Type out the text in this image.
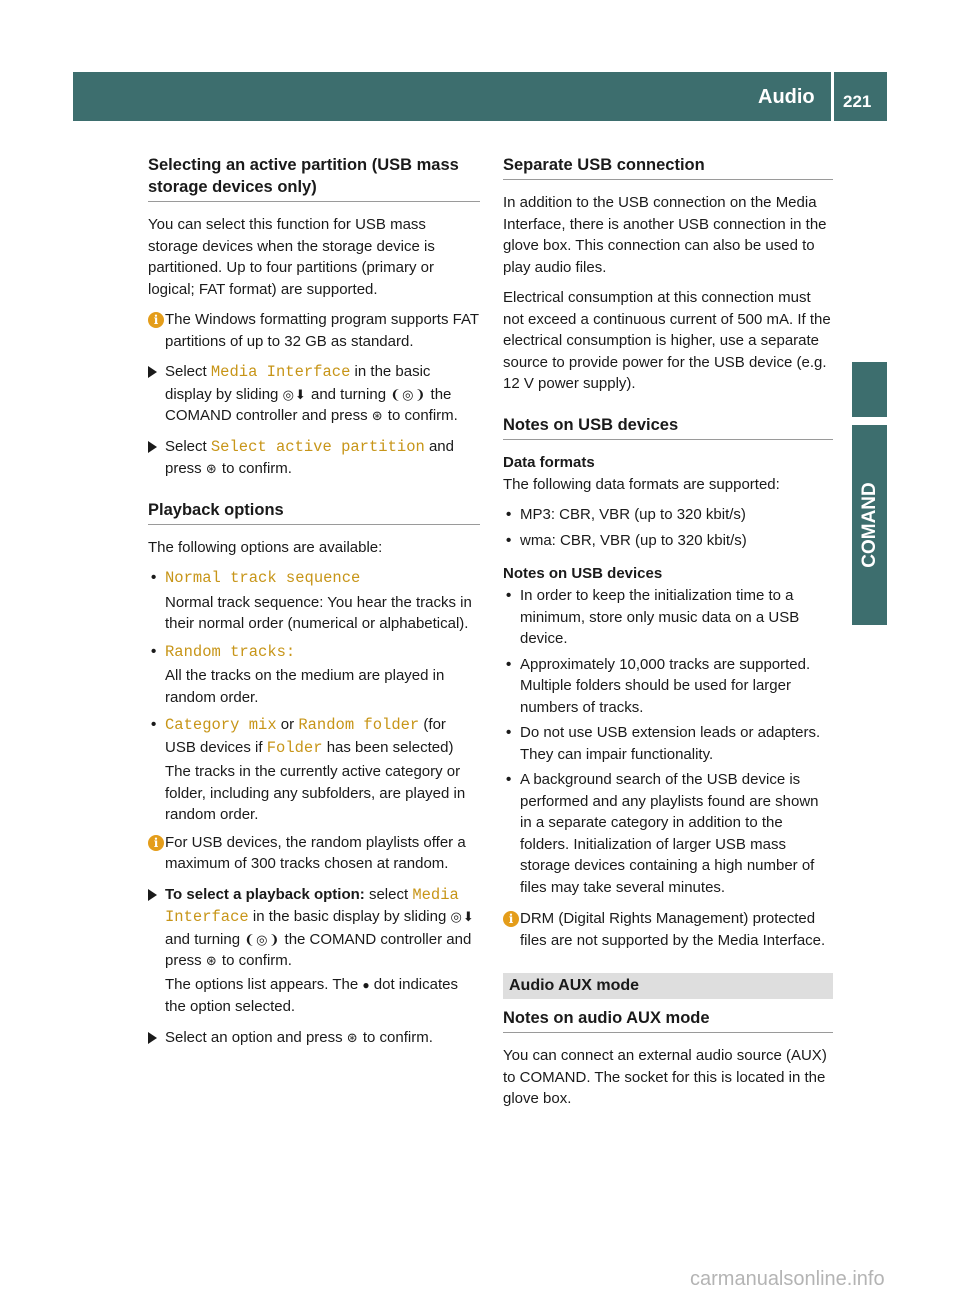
Audio 221
COMAND
Selecting an active partition (USB mass storage devices only)

You can select this function for USB mass storage devices when the storage device is partitioned. Up to four partitions (primary or logical; FAT format) are supported.

i The Windows formatting program supports FAT partitions of up to 32 GB as standard.
Select Media Interface in the basic display by sliding ◎⬇ and turning ❨◎❩ the COMAND controller and press ⊛ to confirm.
Select Select active partition and press ⊛ to confirm.
Playback options

The following options are available:

• Normal track sequence
Normal track sequence: You hear the tracks in their normal order (numerical or alphabetical).
• Random tracks:
All the tracks on the medium are played in random order.
• Category mix or Random folder (for USB devices if Folder has been selected)
The tracks in the currently active category or folder, including any subfolders, are played in random order.
i For USB devices, the random playlists offer a maximum of 300 tracks chosen at random.
To select a playback option: select Media Interface in the basic display by sliding ◎⬇ and turning ❨◎❩ the COMAND controller and press ⊛ to confirm.
The options list appears. The ● dot indicates the option selected.
Select an option and press ⊛ to confirm.
Separate USB connection

In addition to the USB connection on the Media Interface, there is another USB connection in the glove box. This connection can also be used to play audio files.

Electrical consumption at this connection must not exceed a continuous current of 500 mA. If the electrical consumption is higher, use a separate source to provide power for the USB device (e.g. 12 V power supply).

Notes on USB devices
Data formats

The following data formats are supported:

• MP3: CBR, VBR (up to 320 kbit/s)
• wma: CBR, VBR (up to 320 kbit/s)
Notes on USB devices
• In order to keep the initialization time to a minimum, store only music data on a USB device.
• Approximately 10,000 tracks are supported. Multiple folders should be used for larger numbers of tracks.
• Do not use USB extension leads or adapters. They can impair functionality.
• A background search of the USB device is performed and any playlists found are shown in a separate category in addition to the folders. Initialization of larger USB mass storage devices containing a high number of files may take several minutes.
i DRM (Digital Rights Management) protected files are not supported by the Media Interface.
Audio AUX mode
Notes on audio AUX mode

You can connect an external audio source (AUX) to COMAND. The socket for this is located in the glove box.

carmanualsonline.info
